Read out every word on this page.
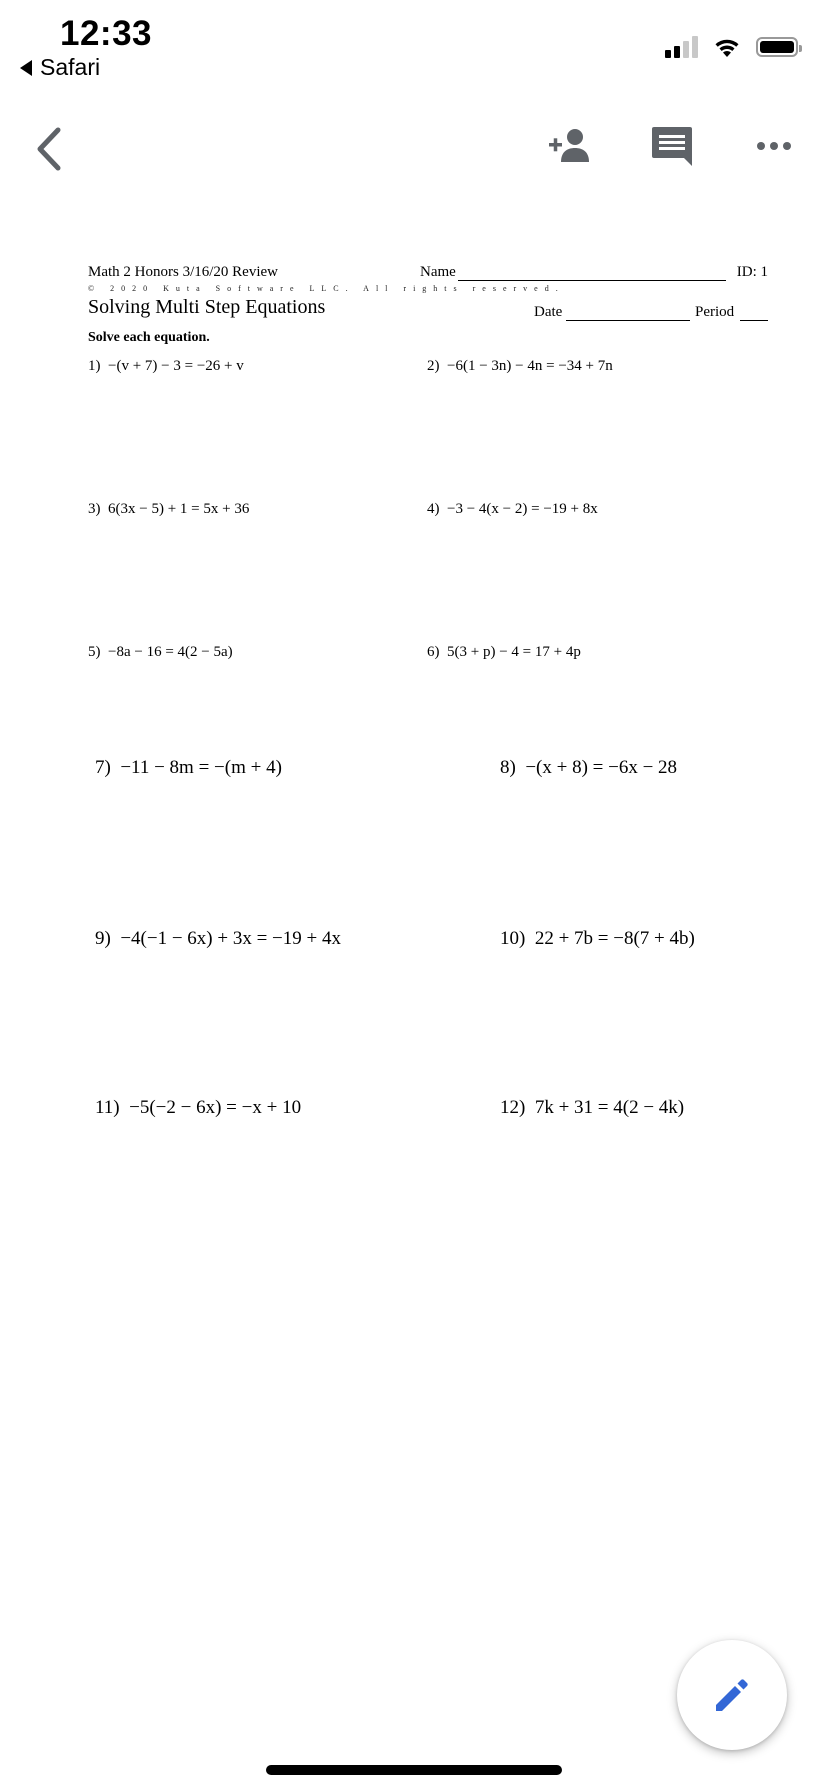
12:33
Safari
Math 2 Honors 3/16/20 Review	Name	ID: 1
© 2020 Kuta Software LLC. All rights reserved.
Solving Multi Step Equations	Date	Period
Solve each equation.
1) −(v + 7) − 3 = −26 + v	2) −6(1 − 3n) − 4n = −34 + 7n
3) 6(3x − 5) + 1 = 5x + 36	4) −3 − 4(x − 2) = −19 + 8x
5) −8a − 16 = 4(2 − 5a)	6) 5(3 + p) − 4 = 17 + 4p
7) −11 − 8m = −(m + 4)	8) −(x + 8) = −6x − 28
9) −4(−1 − 6x) + 3x = −19 + 4x	10) 22 + 7b = −8(7 + 4b)
11) −5(−2 − 6x) = −x + 10	12) 7k + 31 = 4(2 − 4k)
